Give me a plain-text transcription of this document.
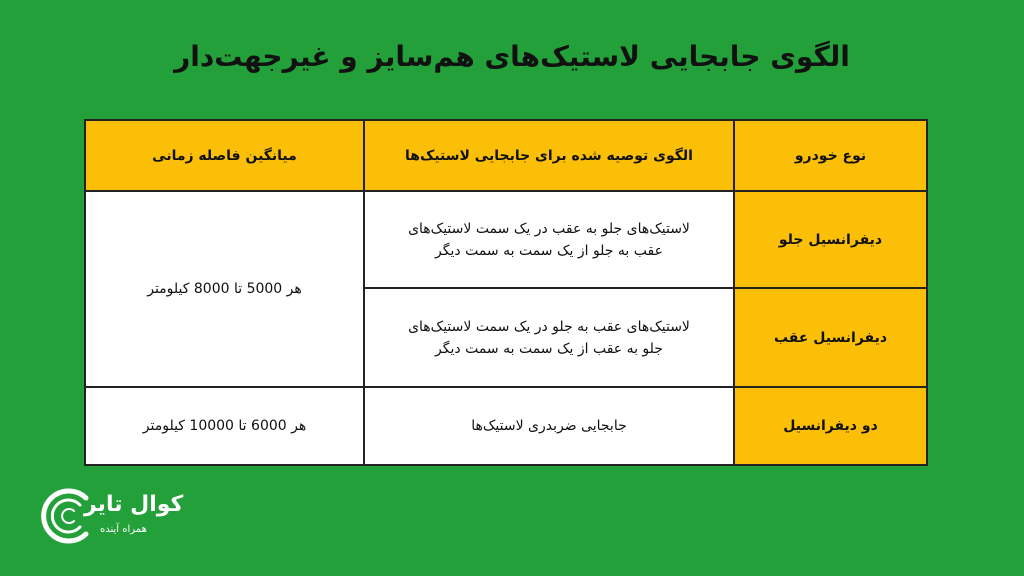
الگوی جابجایی لاستیک‌های هم‌سایز و غیرجهت‌دار
نوع خودرو	الگوی توصیه شده برای جابجایی لاستیک‌ها	میانگین فاصله زمانی
دیفرانسیل جلو	لاستیک‌های جلو به عقب در یک سمت لاستیک‌های
عقب به جلو از یک سمت به سمت دیگر	هر 5000 تا 8000 کیلومتر
دیفرانسیل عقب	لاستیک‌های عقب به جلو در یک سمت لاستیک‌های
جلو به عقب از یک سمت به سمت دیگر	

دو دیفرانسیل	جابجایی ضربدری لاستیک‌ها	هر 6000 تا 10000 کیلومتر
کوال تایر
همراه آینده
